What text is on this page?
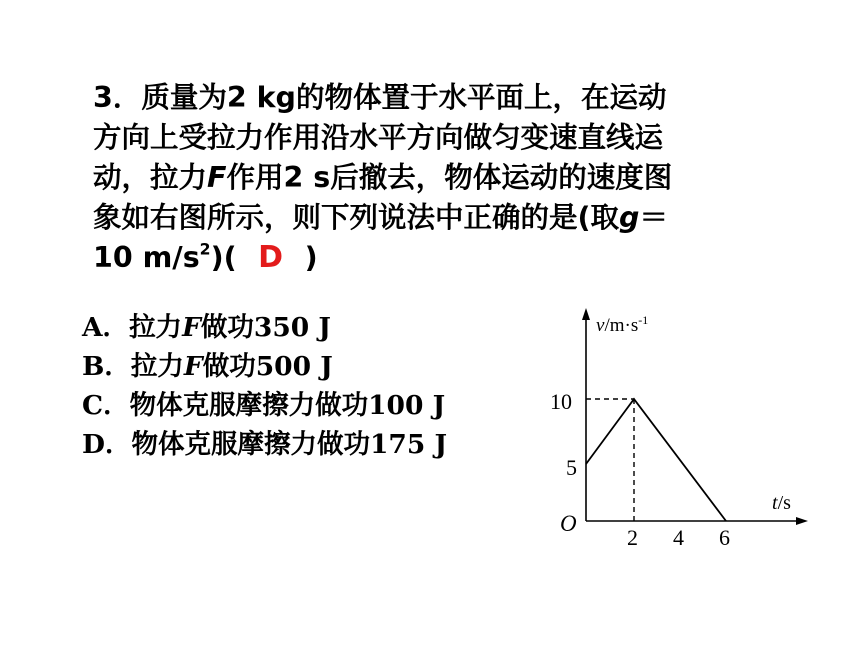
3．质量为2 kg的物体置于水平面上，在运动
方向上受拉力作用沿水平方向做匀变速直线运
动，拉力F作用2 s后撤去，物体运动的速度图
象如右图所示，则下列说法中正确的是(取g＝
10 $m/s^2$)( D )
A．拉力F做功350 J
B．拉力F做功500 J
C．物体克服摩擦力做功100 J
D．物体克服摩擦力做功175 J
$v/m\cdot s^{-1}$
t/s
10
5
O
2 4 6
